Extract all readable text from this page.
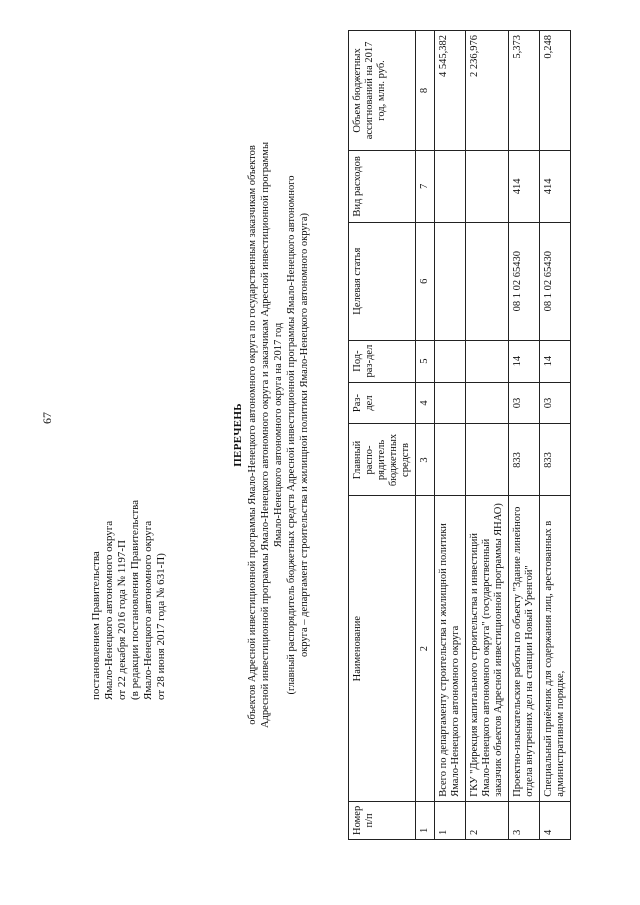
67
постановлением Правительства Ямало-Ненецкого автономного округа от 22 декабря 2016 года № 1197-П (в редакции постановления Правительства Ямало-Ненецкого автономного округа от 28 июня 2017 года № 631-П)
ПЕРЕЧЕНЬ объектов Адресной инвестиционной программы Ямало-Ненецкого автономного округа по государственным заказчикам объектов Адресной инвестиционной программы Ямало-Ненецкого автономного округа и заказчикам Адресной инвестиционной программы Ямало-Ненецкого автономного округа на 2017 год (главный распорядитель бюджетных средств Адресной инвестиционной программы Ямало-Ненецкого автономного округа – департамент строительства и жилищной политики Ямало-Ненецкого автономного округа)
Номер п/п	Наименование	Главный распо-рядитель бюджетных средств	Раз-дел	Под-раз-дел	Целевая статья	Вид расходов	Объем бюджетных ассигнований на 2017 год, млн. руб.
1	2	3	4	5	6	7	8
1	Всего по департаменту строительства и жилищной политики Ямало-Ненецкого автономного округа						4 545,382
2	ГКУ "Дирекция капитального строительства и инвестиций Ямало-Ненецкого автономного округа" (государственный заказчик объектов Адресной инвестиционной программы ЯНАО)						2 236,976
3	Проектно-изыскательские работы по объекту "Здание линейного отдела внутренних дел на станции Новый Уренгой"	833	03	14	08 1 02 65430	414	5,373
4	Специальный приёмник для содержания лиц, арестованных в административном порядке,	833	03	14	08 1 02 65430	414	0,248
